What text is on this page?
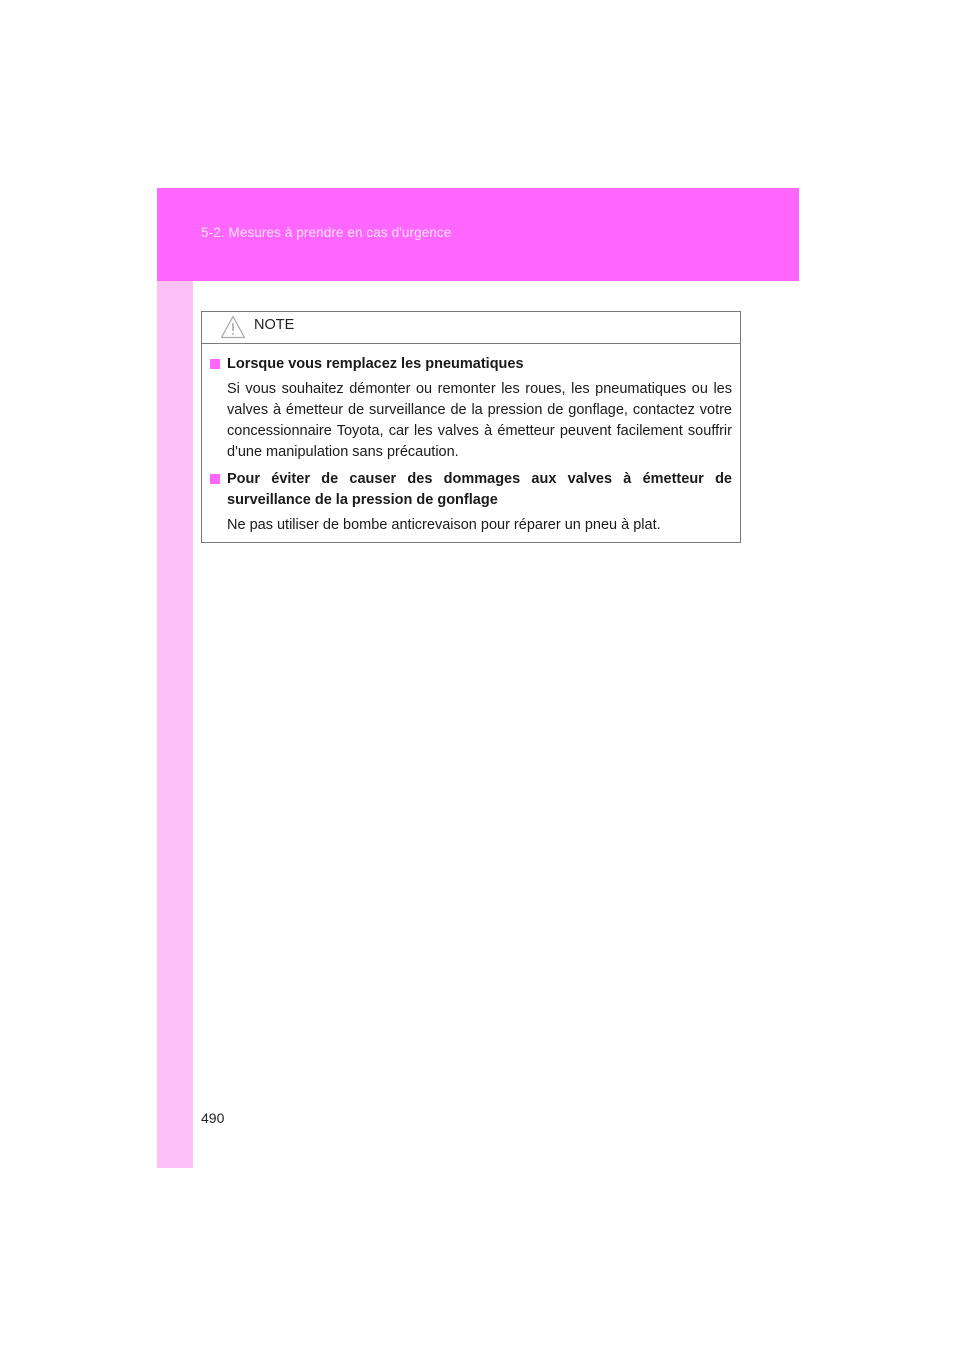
5-2. Mesures à prendre en cas d'urgence
NOTE
Lorsque vous remplacez les pneumatiques
Si vous souhaitez démonter ou remonter les roues, les pneumatiques ou les valves à émetteur de surveillance de la pression de gonflage, contactez votre concessionnaire Toyota, car les valves à émetteur peuvent facilement souffrir d'une manipulation sans précaution.
Pour éviter de causer des dommages aux valves à émetteur de surveillance de la pression de gonflage
Ne pas utiliser de bombe anticrevaison pour réparer un pneu à plat.
490
